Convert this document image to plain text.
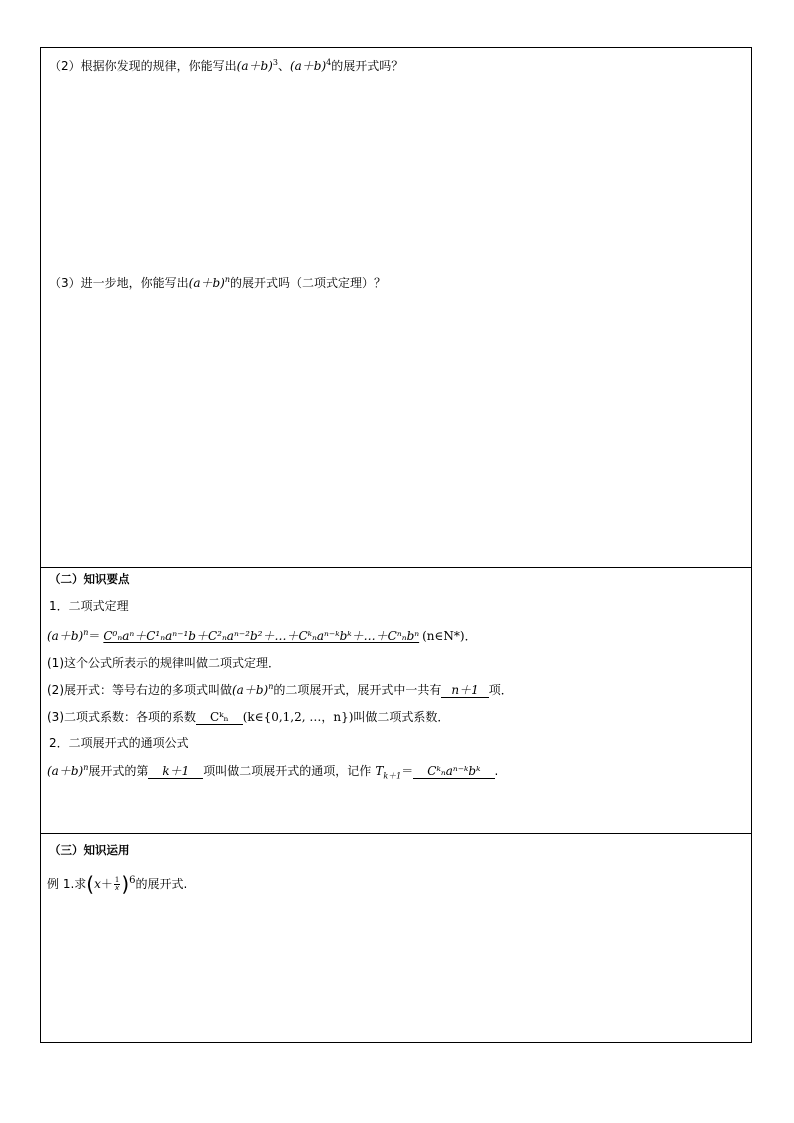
（2）根据你发现的规律，你能写出$(a+b)^3$、$(a+b)^4$的展开式吗？
（3）进一步地，你能写出$(a+b)^n$的展开式吗（二项式定理）？
（二）知识要点
1．二项式定理
$(a+b)^n=$ C⁰ₙaⁿ＋C¹ₙaⁿ⁻¹b＋C²ₙaⁿ⁻²b²＋…＋Cᵏₙaⁿ⁻ᵏbᵏ＋…＋Cⁿₙbⁿ (n∈N*)．
(1)这个公式所表示的规律叫做二项式定理．
(2)展开式：等号右边的多项式叫做$(a+b)^n$的二项展开式，展开式中一共有 n＋1 项．
(3)二项式系数：各项的系数 Cᵏₙ (k∈{0,1,2, …，n})叫做二项式系数．
2．二项展开式的通项公式
$(a+b)^n$展开式的第 k＋1 项叫做二项展开式的通项，记作 $T_{k+1}=$ Cᵏₙaⁿ⁻ᵏbᵏ .
（三）知识运用
例 1.求$(x+ \frac{1}{x} )^6$的展开式.
